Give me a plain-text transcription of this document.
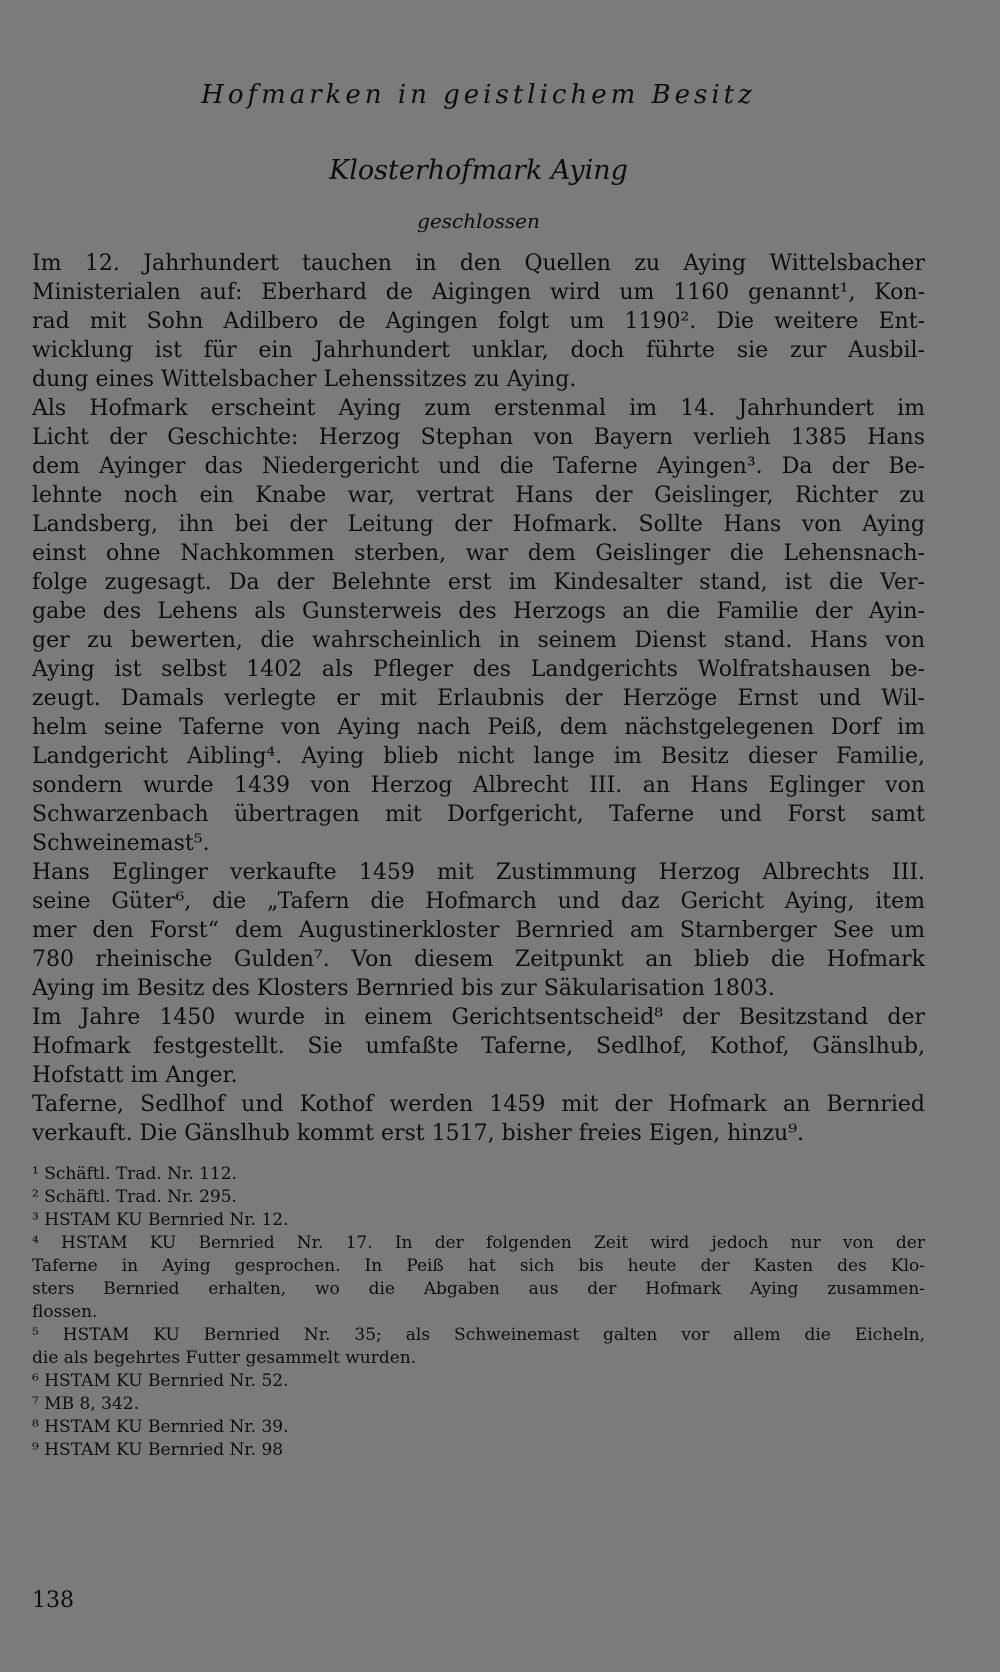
Hofmarken in geistlichem Besitz
Klosterhofmark Aying
geschlossen
Im 12. Jahrhundert tauchen in den Quellen zu Aying Wittelsbacher
Ministerialen auf: Eberhard de Aigingen wird um 1160 genannt¹, Kon-
rad mit Sohn Adilbero de Agingen folgt um 1190². Die weitere Ent-
wicklung ist für ein Jahrhundert unklar, doch führte sie zur Ausbil-
dung eines Wittelsbacher Lehenssitzes zu Aying.
Als Hofmark erscheint Aying zum erstenmal im 14. Jahrhundert im
Licht der Geschichte: Herzog Stephan von Bayern verlieh 1385 Hans
dem Ayinger das Niedergericht und die Taferne Ayingen³. Da der Be-
lehnte noch ein Knabe war, vertrat Hans der Geislinger, Richter zu
Landsberg, ihn bei der Leitung der Hofmark. Sollte Hans von Aying
einst ohne Nachkommen sterben, war dem Geislinger die Lehensnach-
folge zugesagt. Da der Belehnte erst im Kindesalter stand, ist die Ver-
gabe des Lehens als Gunsterweis des Herzogs an die Familie der Ayin-
ger zu bewerten, die wahrscheinlich in seinem Dienst stand. Hans von
Aying ist selbst 1402 als Pfleger des Landgerichts Wolfratshausen be-
zeugt. Damals verlegte er mit Erlaubnis der Herzöge Ernst und Wil-
helm seine Taferne von Aying nach Peiß, dem nächstgelegenen Dorf im
Landgericht Aibling⁴. Aying blieb nicht lange im Besitz dieser Familie,
sondern wurde 1439 von Herzog Albrecht III. an Hans Eglinger von
Schwarzenbach übertragen mit Dorfgericht, Taferne und Forst samt
Schweinemast⁵.
Hans Eglinger verkaufte 1459 mit Zustimmung Herzog Albrechts III.
seine Güter⁶, die „Tafern die Hofmarch und daz Gericht Aying, item
mer den Forst“ dem Augustinerkloster Bernried am Starnberger See um
780 rheinische Gulden⁷. Von diesem Zeitpunkt an blieb die Hofmark
Aying im Besitz des Klosters Bernried bis zur Säkularisation 1803.
Im Jahre 1450 wurde in einem Gerichtsentscheid⁸ der Besitzstand der
Hofmark festgestellt. Sie umfaßte Taferne, Sedlhof, Kothof, Gänslhub,
Hofstatt im Anger.
Taferne, Sedlhof und Kothof werden 1459 mit der Hofmark an Bernried
verkauft. Die Gänslhub kommt erst 1517, bisher freies Eigen, hinzu⁹.
¹ Schäftl. Trad. Nr. 112.
² Schäftl. Trad. Nr. 295.
³ HSTAM KU Bernried Nr. 12.
⁴ HSTAM KU Bernried Nr. 17. In der folgenden Zeit wird jedoch nur von der
Taferne in Aying gesprochen. In Peiß hat sich bis heute der Kasten des Klo-
sters Bernried erhalten, wo die Abgaben aus der Hofmark Aying zusammen-
flossen.
⁵ HSTAM KU Bernried Nr. 35; als Schweinemast galten vor allem die Eicheln,
die als begehrtes Futter gesammelt wurden.
⁶ HSTAM KU Bernried Nr. 52.
⁷ MB 8, 342.
⁸ HSTAM KU Bernried Nr. 39.
⁹ HSTAM KU Bernried Nr. 98
138
